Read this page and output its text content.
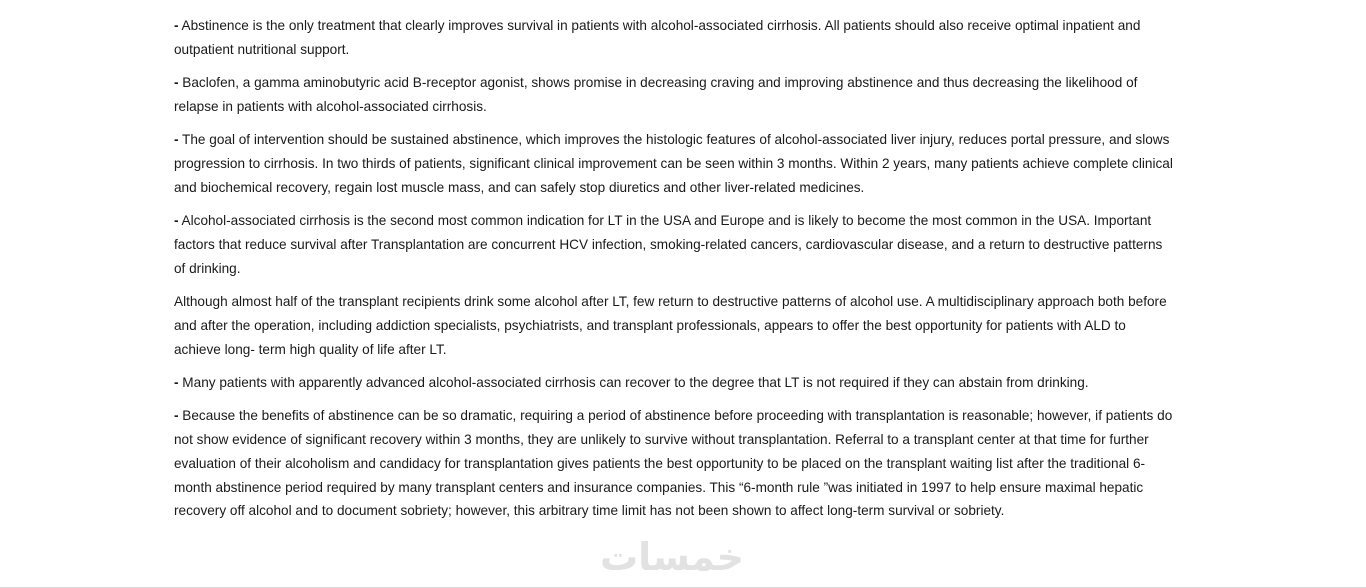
- Abstinence is the only treatment that clearly improves survival in patients with alcohol-associated cirrhosis. All patients should also receive optimal inpatient and outpatient nutritional support.

- Baclofen, a gamma aminobutyric acid B-receptor agonist, shows promise in decreasing craving and improving abstinence and thus decreasing the likelihood of relapse in patients with alcohol-associated cirrhosis.

- The goal of intervention should be sustained abstinence, which improves the histologic features of alcohol-associated liver injury, reduces portal pressure, and slows progression to cirrhosis. In two thirds of patients, significant clinical improvement can be seen within 3 months. Within 2 years, many patients achieve complete clinical and biochemical recovery, regain lost muscle mass, and can safely stop diuretics and other liver-related medicines.

- Alcohol-associated cirrhosis is the second most common indication for LT in the USA and Europe and is likely to become the most common in the USA. Important factors that reduce survival after Transplantation are concurrent HCV infection, smoking-related cancers, cardiovascular disease, and a return to destructive patterns of drinking.

Although almost half of the transplant recipients drink some alcohol after LT, few return to destructive patterns of alcohol use. A multidisciplinary approach both before and after the operation, including addiction specialists, psychiatrists, and transplant professionals, appears to offer the best opportunity for patients with ALD to achieve long- term high quality of life after LT.

- Many patients with apparently advanced alcohol-associated cirrhosis can recover to the degree that LT is not required if they can abstain from drinking.

- Because the benefits of abstinence can be so dramatic, requiring a period of abstinence before proceeding with transplantation is reasonable; however, if patients do not show evidence of significant recovery within 3 months, they are unlikely to survive without transplantation. Referral to a transplant center at that time for further evaluation of their alcoholism and candidacy for transplantation gives patients the best opportunity to be placed on the transplant waiting list after the traditional 6-month abstinence period required by many transplant centers and insurance companies. This “6-month rule ”was initiated in 1997 to help ensure maximal hepatic recovery off alcohol and to document sobriety; however, this arbitrary time limit has not been shown to affect long-term survival or sobriety.

خمسات
